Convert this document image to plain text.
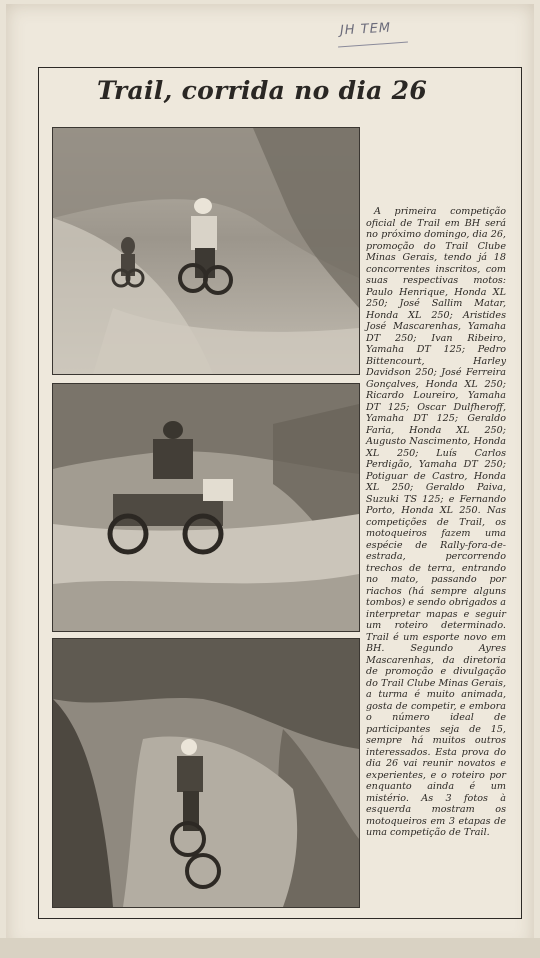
JH TEM
Trail, corrida no dia 26
A primeira competição oficial de Trail em BH será no próximo domingo, dia 26, promoção do Trail Clube Minas Gerais, tendo já 18 concorrentes inscritos, com suas respectivas motos: Paulo Henrique, Honda XL 250; José Sallim Matar, Honda XL 250; Aristides José Mascarenhas, Yamaha DT 250; Ivan Ribeiro, Yamaha DT 125; Pedro Bittencourt, Harley Davidson 250; José Ferreira Gonçalves, Honda XL 250; Ricardo Loureiro, Yamaha DT 125; Oscar Dulfheroff, Yamaha DT 125; Geraldo Faria, Honda XL 250; Augusto Nascimento, Honda XL 250; Luís Carlos Perdigão, Yamaha DT 250; Potiguar de Castro, Honda XL 250; Geraldo Paiva, Suzuki TS 125; e Fernando Porto, Honda XL 250. Nas competições de Trail, os motoqueiros fazem uma espécie de Rally-fora-de-estrada, percorrendo trechos de terra, entrando no mato, passando por riachos (há sempre alguns tombos) e sendo obrigados a interpretar mapas e seguir um roteiro determinado. Trail é um esporte novo em BH. Segundo Ayres Mascarenhas, da diretoria de promoção e divulgação do Trail Clube Minas Gerais, a turma é muito animada, gosta de competir, e embora o número ideal de participantes seja de 15, sempre há muitos outros interessados. Esta prova do dia 26 vai reunir novatos e experientes, e o roteiro por enquanto ainda é um mistério. As 3 fotos à esquerda mostram os motoqueiros em 3 etapas de uma competição de Trail.
